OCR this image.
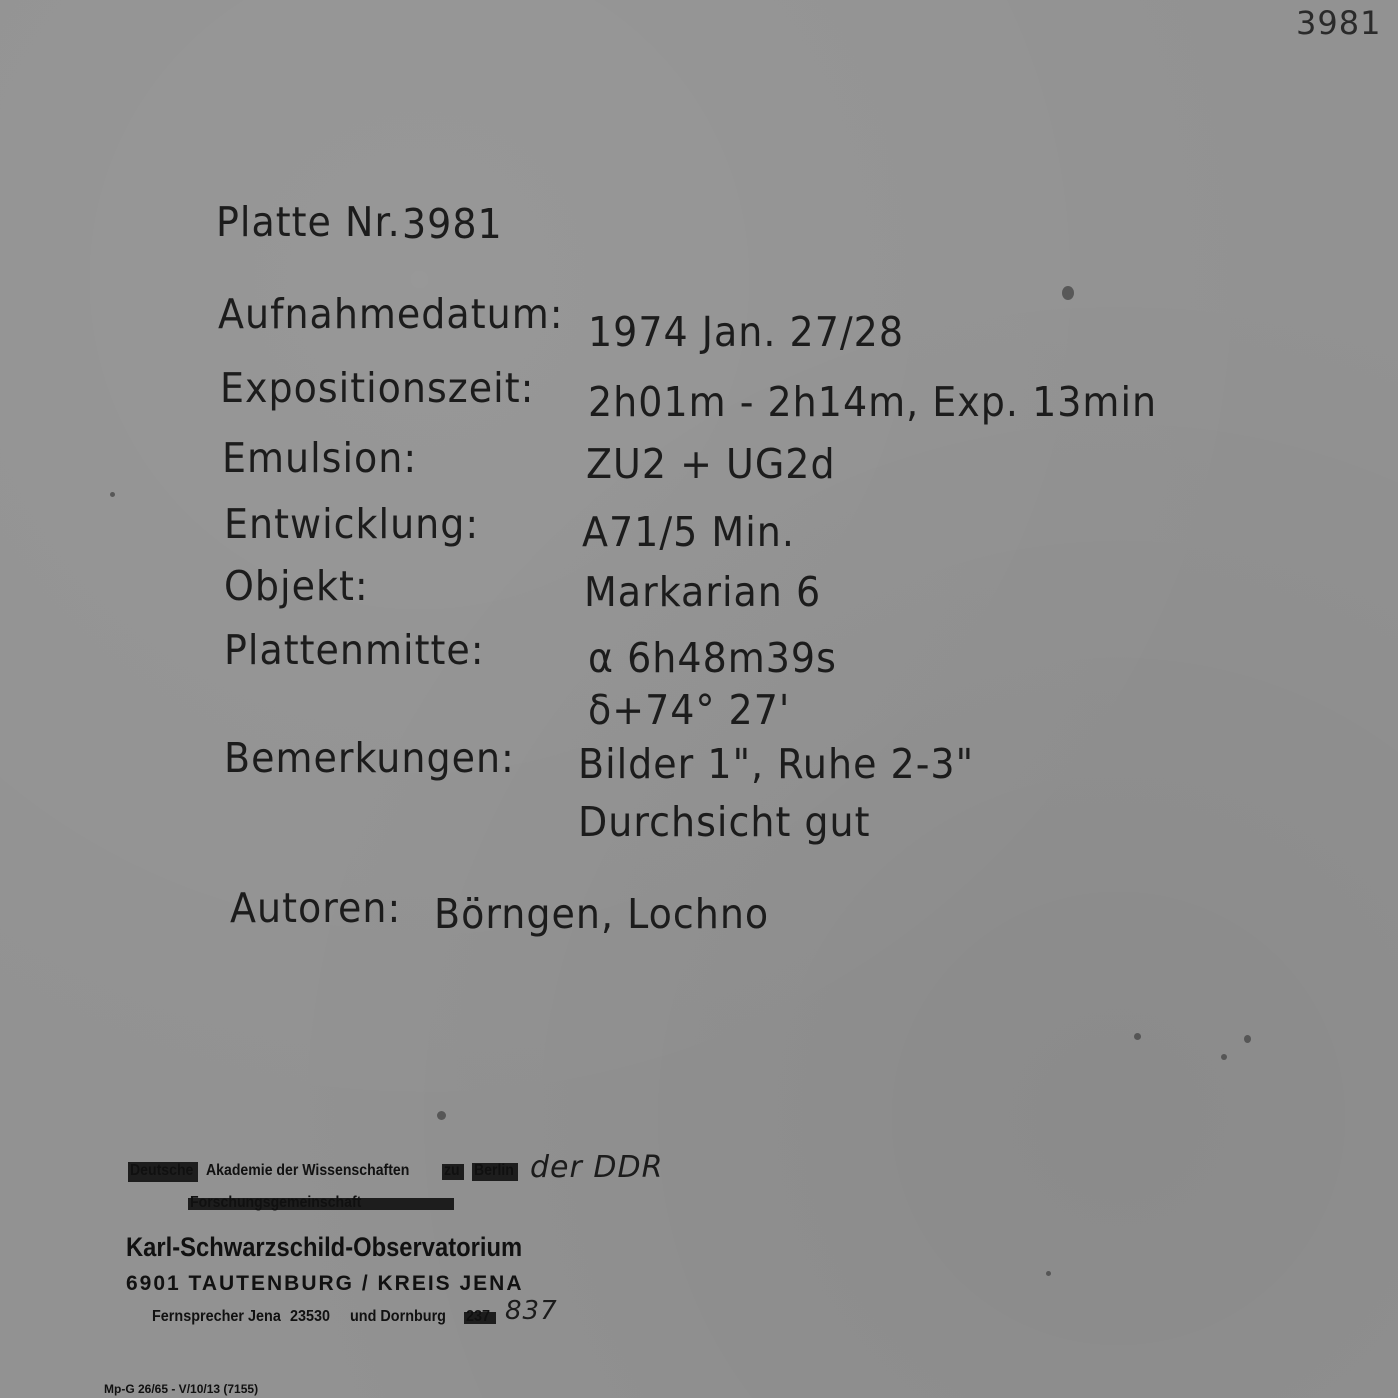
3981
Platte Nr. 3981
Aufnahmedatum: 1974 Jan. 27/28
Expositionszeit: 2h01m - 2h14m, Exp. 13min
Emulsion:	ZU2 + UG2d
Entwicklung:	A71/5 Min.
Objekt:	Markarian 6
Plattenmitte:	α 6h48m39s
δ+74° 27'
Bemerkungen: Bilder 1", Ruhe 2-3"
Durchsicht gut
Autoren: Börngen, Lochno
Akademie der Wissenschaften	der DDR
Karl-Schwarzschild-Observatorium
6901 TAUTENBURG / KREIS JENA
Fernsprecher Jena 23530 und Dornburg 837
Mp-G 26/65 - V/10/13 (7155)
